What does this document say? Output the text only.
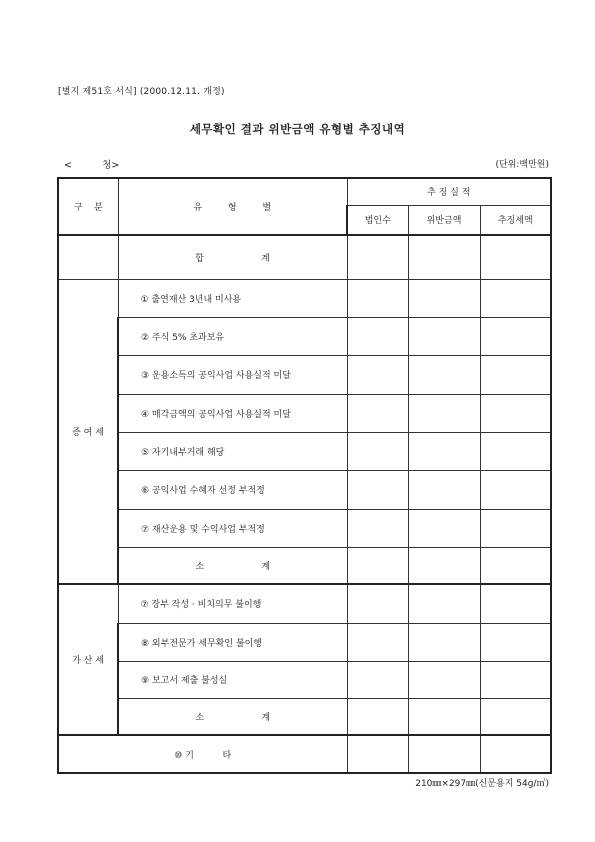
[별지 제51호 서식] (2000.12.11. 개정)
세무확인 결과 위반금액 유형별 추징내역
<          청>	(단위:백만원)
구    분	유         형         별	추 징 실 적		
		법인수	위반금액	추징세액
	합                    계			
증 여 세	① 출연재산 3년내 미사용			
	② 주식 5% 초과보유			
	③ 운용소득의 공익사업 사용실적 미달			
	④ 매각금액의 공익사업 사용실적 미달			
	⑤ 자기내부거래 해당			
	⑥ 공익사업 수혜자 선정 부적정			
	⑦ 재산운용 및 수익사업 부적정			
	소                    계			
가 산 세	⑦ 장부 작성 · 비치의무 불이행			
	⑧ 외부전문가 세무확인 불이행			
	⑨ 보고서 제출 불성실			
	소                    계			
⑩ 기          타				
210㎜×297㎜(신문용지 54g/㎡)
